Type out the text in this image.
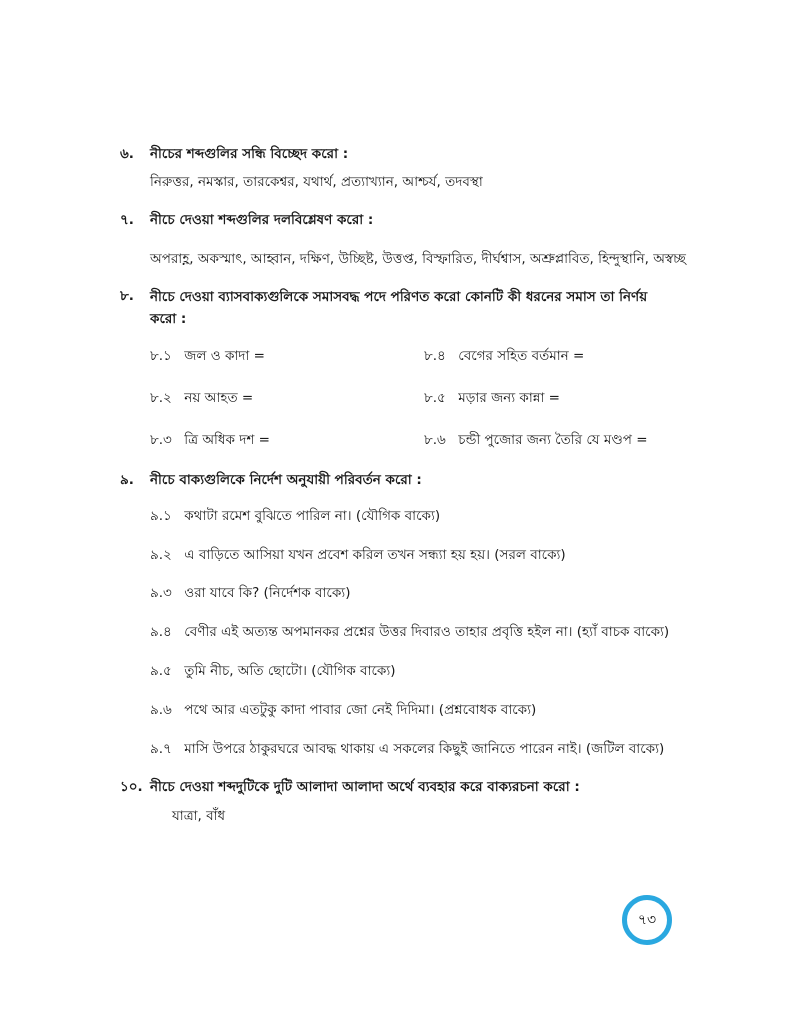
৬. নীচের শব্দগুলির সন্ধি বিচ্ছেদ করো :
নিরুত্তর, নমস্কার, তারকেশ্বর, যথার্থ, প্রত্যাখ্যান, আশ্চর্য, তদবস্থা
৭. নীচে দেওয়া শব্দগুলির দলবিশ্লেষণ করো :
অপরাহ্ণ, অকস্মাৎ, আহ্বান, দক্ষিণ, উচ্ছিষ্ট, উত্তপ্ত, বিস্ফারিত, দীর্ঘশ্বাস, অশ্রুপ্লাবিত, হিন্দুস্থানি, অস্বচ্ছ
৮. নীচে দেওয়া ব্যাসবাক্যগুলিকে সমাসবদ্ধ পদে পরিণত করো কোনটি কী ধরনের সমাস তা নির্ণয় করো :
৮.১ জল ও কাদা =
৮.২ নয় আহত =
৮.৩ ত্রি অধিক দশ =
৮.৪ বেগের সহিত বর্তমান =
৮.৫ মড়ার জন্য কান্না =
৮.৬ চন্ডী পুজোর জন্য তৈরি যে মণ্ডপ =
৯. নীচে বাক্যগুলিকে নির্দেশ অনুযায়ী পরিবর্তন করো :
৯.১ কথাটা রমেশ বুঝিতে পারিল না। (যৌগিক বাক্যে)
৯.২ এ বাড়িতে আসিয়া যখন প্রবেশ করিল তখন সন্ধ্যা হয় হয়। (সরল বাক্যে)
৯.৩ ওরা যাবে কি? (নির্দেশক বাক্যে)
৯.৪ বেণীর এই অত্যন্ত অপমানকর প্রশ্নের উত্তর দিবারও তাহার প্রবৃত্তি হইল না। (হ্যাঁ বাচক বাক্যে)
৯.৫ তুমি নীচ, অতি ছোটো। (যৌগিক বাক্যে)
৯.৬ পথে আর এতটুকু কাদা পাবার জো নেই দিদিমা। (প্রশ্নবোধক বাক্যে)
৯.৭ মাসি উপরে ঠাকুরঘরে আবদ্ধ থাকায় এ সকলের কিছুই জানিতে পারেন নাই। (জটিল বাক্যে)
১০. নীচে দেওয়া শব্দদুটিকে দুটি আলাদা আলাদা অর্থে ব্যবহার করে বাক্যরচনা করো :
যাত্রা, বাঁধ
৭৩
